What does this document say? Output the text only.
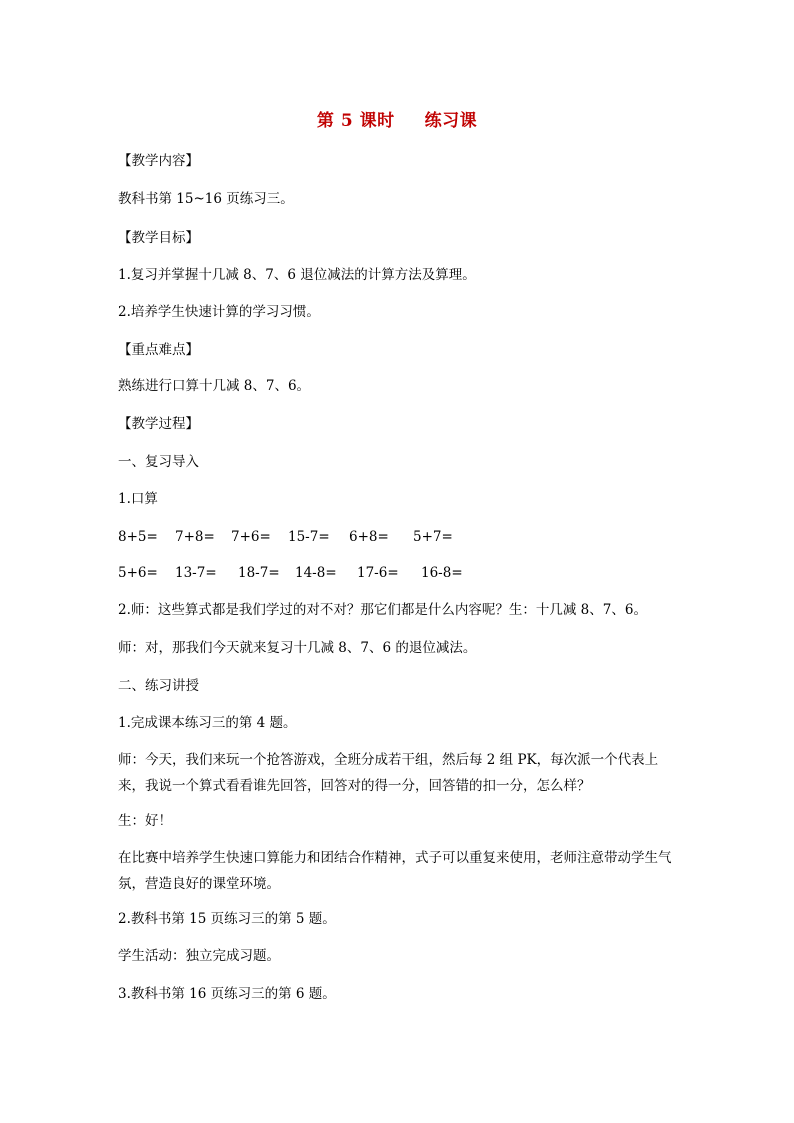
第 5 课时 练习课

【教学内容】

教科书第 15~16 页练习三。

【教学目标】

1.复习并掌握十几减 8、7、6 退位减法的计算方法及算理。

2.培养学生快速计算的学习习惯。

【重点难点】

熟练进行口算十几减 8、7、6。

【教学过程】

一、复习导入

1.口算

8+5= 7+8= 7+6= 15-7= 6+8= 5+7=
5+6= 13-7= 18-7= 14-8= 17-6= 16-8=

2.师：这些算式都是我们学过的对不对？那它们都是什么内容呢？生：十几减 8、7、6。

师：对，那我们今天就来复习十几减 8、7、6 的退位减法。

二、练习讲授

1.完成课本练习三的第 4 题。

师：今天，我们来玩一个抢答游戏，全班分成若干组，然后每 2 组 PK，每次派一个代表上来，我说一个算式看看谁先回答，回答对的得一分，回答错的扣一分，怎么样？

生：好！

在比赛中培养学生快速口算能力和团结合作精神，式子可以重复来使用，老师注意带动学生气氛，营造良好的课堂环境。

2.教科书第 15 页练习三的第 5 题。

学生活动：独立完成习题。

3.教科书第 16 页练习三的第 6 题。
